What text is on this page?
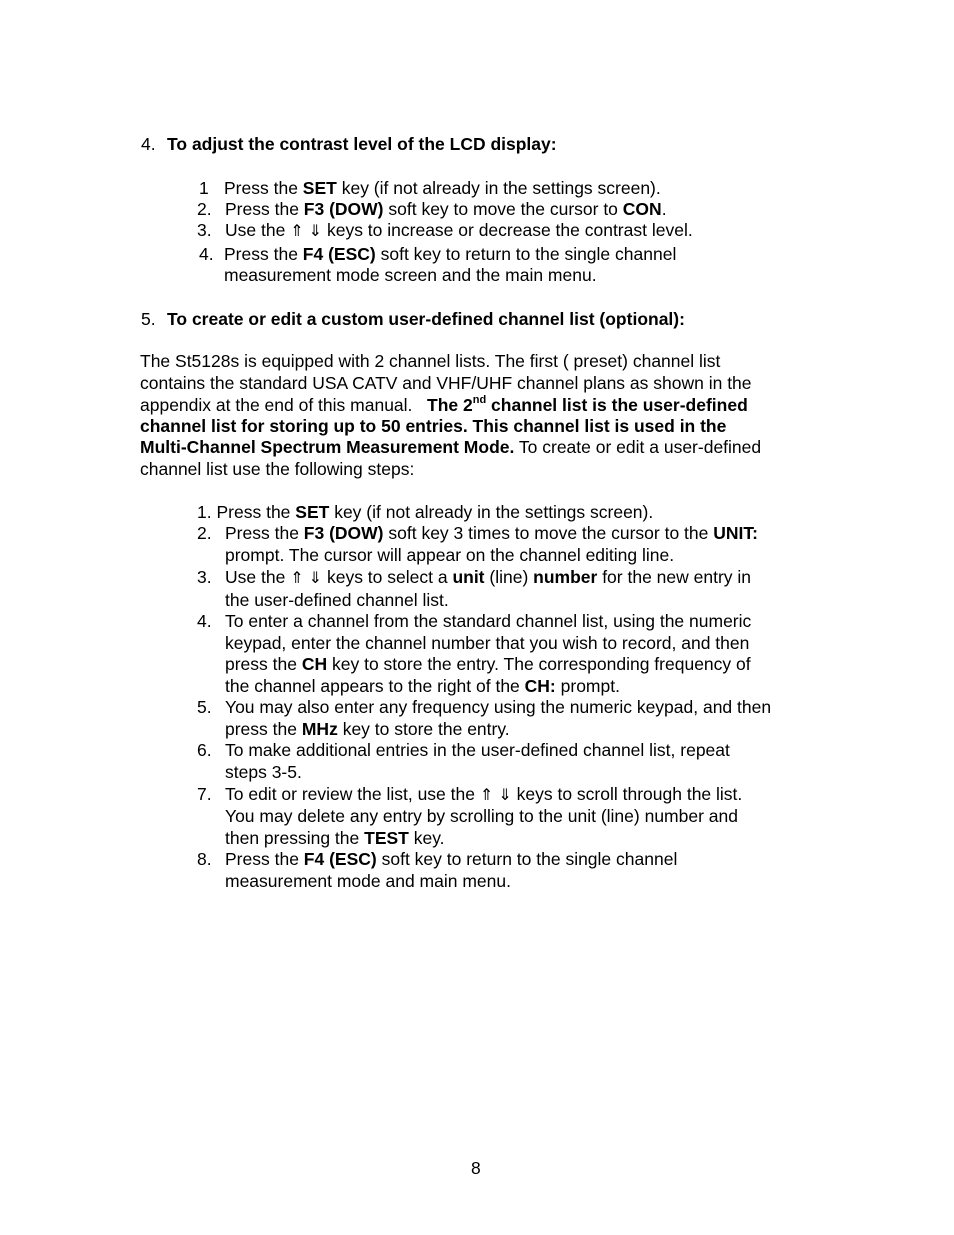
4. To adjust the contrast level of the LCD display:
1 Press the SET key (if not already in the settings screen).
2. Press the F3 (DOW) soft key to move the cursor to CON.
3. Use the ⇑ ⇓ keys to increase or decrease the contrast level.
4. Press the F4 (ESC) soft key to return to the single channel
measurement mode screen and the main menu.
5. To create or edit a custom user-defined channel list (optional):
The St5128s is equipped with 2 channel lists. The first ( preset) channel list
contains the standard USA CATV and VHF/UHF channel plans as shown in the
appendix at the end of this manual.   The 2nd channel list is the user-defined
channel list for storing up to 50 entries. This channel list is used in the
Multi-Channel Spectrum Measurement Mode. To create or edit a user-defined
channel list use the following steps:
1. Press the SET key (if not already in the settings screen).
2. Press the F3 (DOW) soft key 3 times to move the cursor to the UNIT:
prompt. The cursor will appear on the channel editing line.
3. Use the ⇑ ⇓ keys to select a unit (line) number for the new entry in
the user-defined channel list.
4. To enter a channel from the standard channel list, using the numeric
keypad, enter the channel number that you wish to record, and then
press the CH key to store the entry. The corresponding frequency of
the channel appears to the right of the CH: prompt.
5. You may also enter any frequency using the numeric keypad, and then
press the MHz key to store the entry.
6. To make additional entries in the user-defined channel list, repeat
steps 3-5.
7. To edit or review the list, use the ⇑ ⇓ keys to scroll through the list.
You may delete any entry by scrolling to the unit (line) number and
then pressing the TEST key.
8. Press the F4 (ESC) soft key to return to the single channel
measurement mode and main menu.
8
